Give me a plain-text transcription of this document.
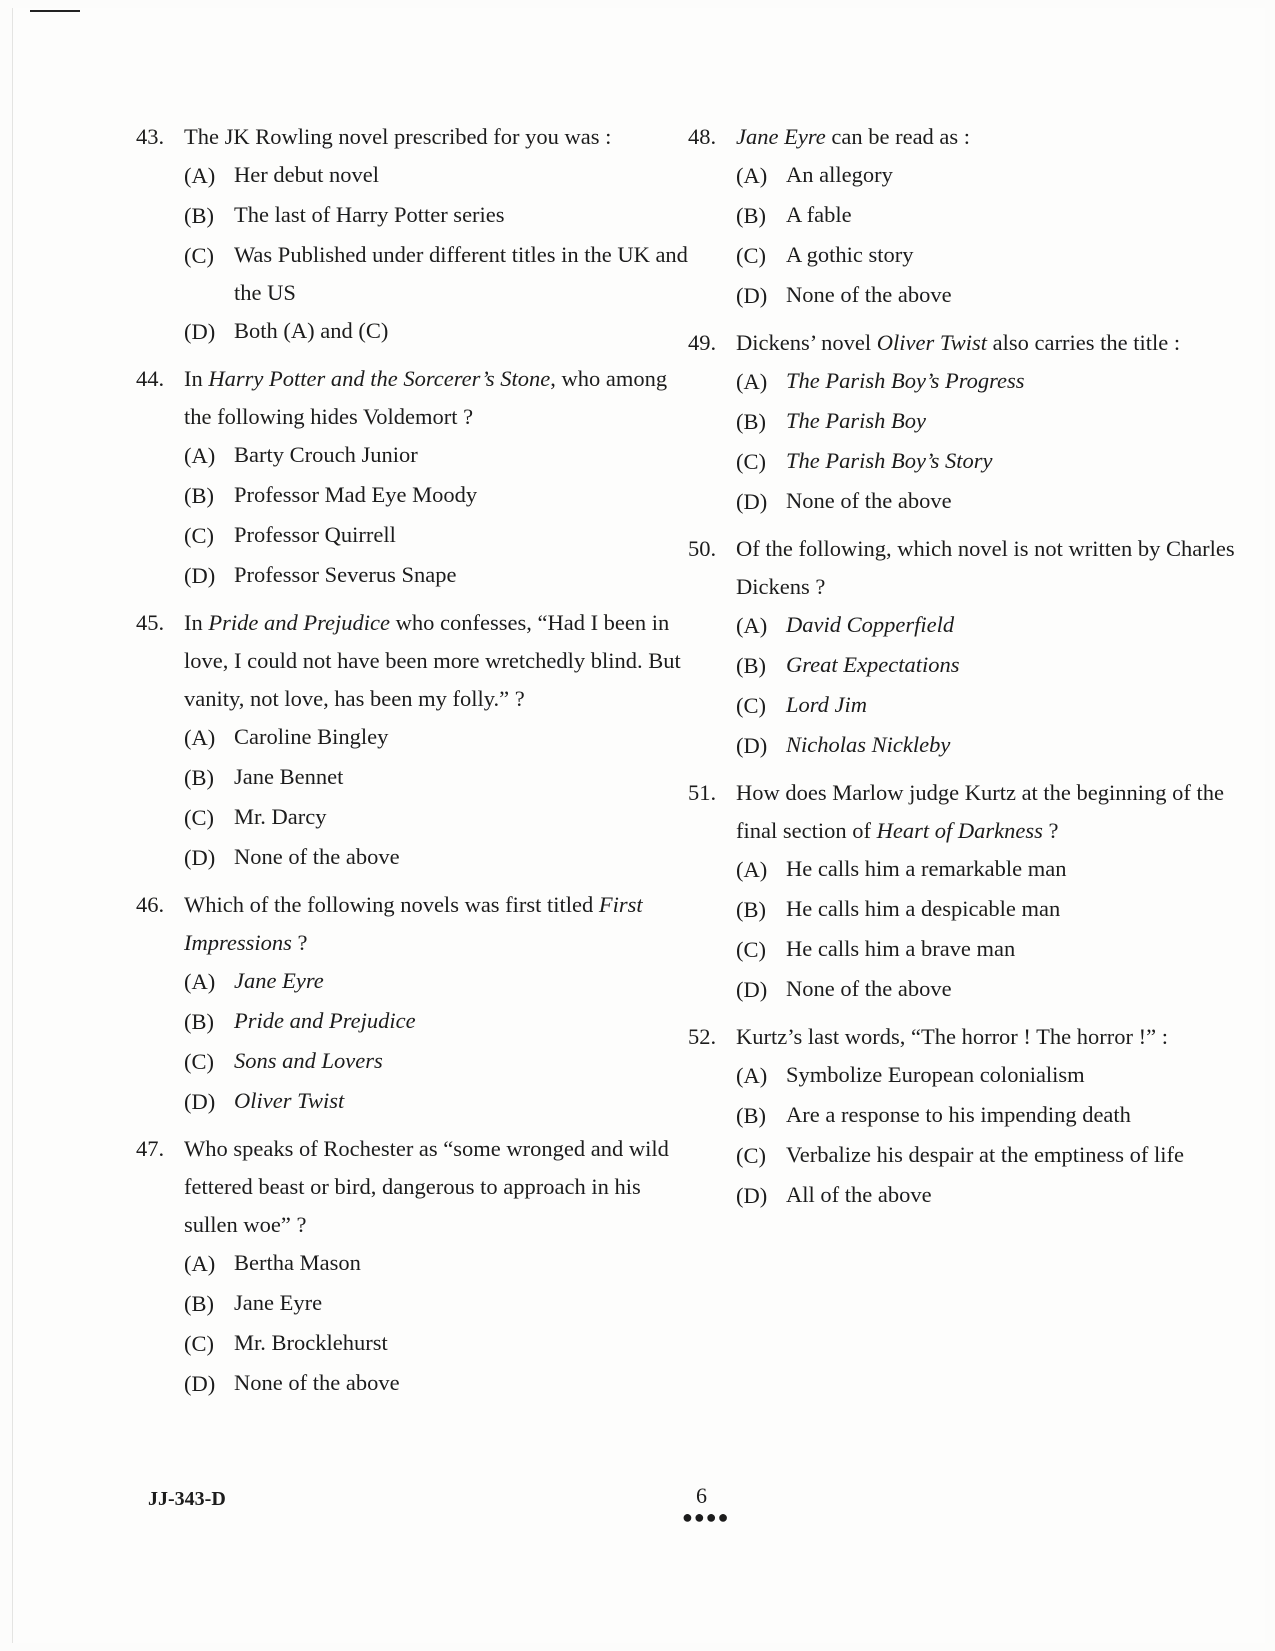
43. The JK Rowling novel prescribed for you was :
(A) Her debut novel
(B) The last of Harry Potter series
(C) Was Published under different titles in the UK and the US
(D) Both (A) and (C)
44. In Harry Potter and the Sorcerer’s Stone, who among the following hides Voldemort ?
(A) Barty Crouch Junior
(B) Professor Mad Eye Moody
(C) Professor Quirrell
(D) Professor Severus Snape
45. In Pride and Prejudice who confesses, “Had I been in love, I could not have been more wretchedly blind. But vanity, not love, has been my folly.” ?
(A) Caroline Bingley
(B) Jane Bennet
(C) Mr. Darcy
(D) None of the above
46. Which of the following novels was first titled First Impressions ?
(A) Jane Eyre
(B) Pride and Prejudice
(C) Sons and Lovers
(D) Oliver Twist
47. Who speaks of Rochester as “some wronged and wild fettered beast or bird, dangerous to approach in his sullen woe” ?
(A) Bertha Mason
(B) Jane Eyre
(C) Mr. Brocklehurst
(D) None of the above
48. Jane Eyre can be read as :
(A) An allegory
(B) A fable
(C) A gothic story
(D) None of the above
49. Dickens’ novel Oliver Twist also carries the title :
(A) The Parish Boy’s Progress
(B) The Parish Boy
(C) The Parish Boy’s Story
(D) None of the above
50. Of the following, which novel is not written by Charles Dickens ?
(A) David Copperfield
(B) Great Expectations
(C) Lord Jim
(D) Nicholas Nickleby
51. How does Marlow judge Kurtz at the beginning of the final section of Heart of Darkness ?
(A) He calls him a remarkable man
(B) He calls him a despicable man
(C) He calls him a brave man
(D) None of the above
52. Kurtz’s last words, “The horror ! The horror !” :
(A) Symbolize European colonialism
(B) Are a response to his impending death
(C) Verbalize his despair at the emptiness of life
(D) All of the above
JJ-343-D	6
●●●●
